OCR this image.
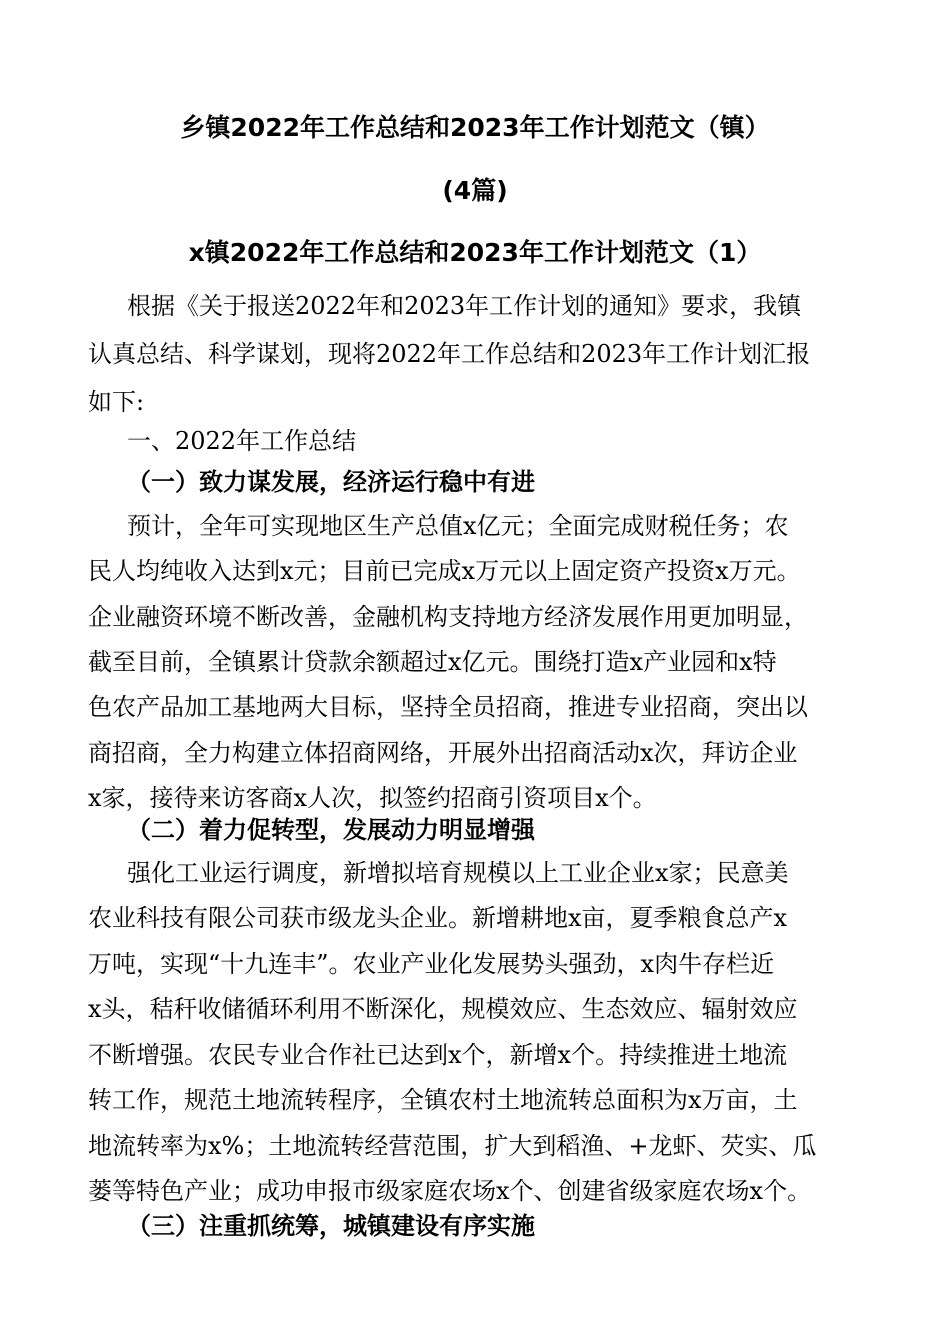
乡镇2022年工作总结和2023年工作计划范文（镇）
(4篇)
x镇2022年工作总结和2023年工作计划范文（1）

根据《关于报送2022年和2023年工作计划的通知》要求，我镇

认真总结、科学谋划，现将2022年工作总结和2023年工作计划汇报

如下:

一、2022年工作总结

（一）致力谋发展，经济运行稳中有进

预计，全年可实现地区生产总值x亿元；全面完成财税任务；农

民人均纯收入达到x元；目前已完成x万元以上固定资产投资x万元。

企业融资环境不断改善，金融机构支持地方经济发展作用更加明显，

截至目前，全镇累计贷款余额超过x亿元。围绕打造x产业园和x特

色农产品加工基地两大目标，坚持全员招商，推进专业招商，突出以

商招商，全力构建立体招商网络，开展外出招商活动x次，拜访企业

x家，接待来访客商x人次，拟签约招商引资项目x个。

（二）着力促转型，发展动力明显增强

强化工业运行调度，新增拟培育规模以上工业企业x家；民意美

农业科技有限公司获市级龙头企业。新增耕地x亩，夏季粮食总产x

万吨，实现“十九连丰”。农业产业化发展势头强劲，x肉牛存栏近

x头，秸秆收储循环利用不断深化，规模效应、生态效应、辐射效应

不断增强。农民专业合作社已达到x个，新增x个。持续推进土地流

转工作，规范土地流转程序，全镇农村土地流转总面积为x万亩，土

地流转率为x%；土地流转经营范围，扩大到稻渔、+龙虾、芡实、瓜

蒌等特色产业；成功申报市级家庭农场x个、创建省级家庭农场x个。

（三）注重抓统筹，城镇建设有序实施
